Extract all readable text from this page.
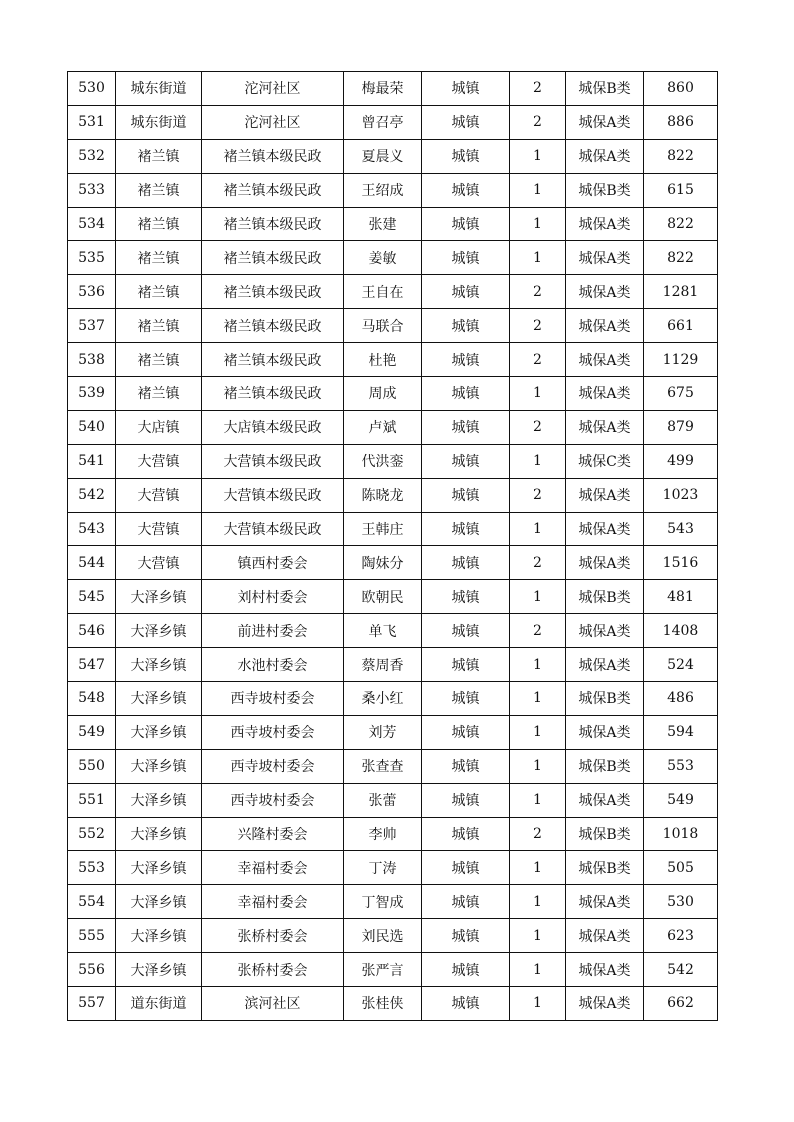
530	城东街道	沱河社区	梅最荣	城镇	2	城保B类	860
531	城东街道	沱河社区	曾召亭	城镇	2	城保A类	886
532	褚兰镇	褚兰镇本级民政	夏晨义	城镇	1	城保A类	822
533	褚兰镇	褚兰镇本级民政	王绍成	城镇	1	城保B类	615
534	褚兰镇	褚兰镇本级民政	张建	城镇	1	城保A类	822
535	褚兰镇	褚兰镇本级民政	姜敏	城镇	1	城保A类	822
536	褚兰镇	褚兰镇本级民政	王自在	城镇	2	城保A类	1281
537	褚兰镇	褚兰镇本级民政	马联合	城镇	2	城保A类	661
538	褚兰镇	褚兰镇本级民政	杜艳	城镇	2	城保A类	1129
539	褚兰镇	褚兰镇本级民政	周成	城镇	1	城保A类	675
540	大店镇	大店镇本级民政	卢斌	城镇	2	城保A类	879
541	大营镇	大营镇本级民政	代洪銮	城镇	1	城保C类	499
542	大营镇	大营镇本级民政	陈晓龙	城镇	2	城保A类	1023
543	大营镇	大营镇本级民政	王韩庄	城镇	1	城保A类	543
544	大营镇	镇西村委会	陶妹分	城镇	2	城保A类	1516
545	大泽乡镇	刘村村委会	欧朝民	城镇	1	城保B类	481
546	大泽乡镇	前进村委会	单飞	城镇	2	城保A类	1408
547	大泽乡镇	水池村委会	蔡周香	城镇	1	城保A类	524
548	大泽乡镇	西寺坡村委会	桑小红	城镇	1	城保B类	486
549	大泽乡镇	西寺坡村委会	刘芳	城镇	1	城保A类	594
550	大泽乡镇	西寺坡村委会	张查查	城镇	1	城保B类	553
551	大泽乡镇	西寺坡村委会	张蕾	城镇	1	城保A类	549
552	大泽乡镇	兴隆村委会	李帅	城镇	2	城保B类	1018
553	大泽乡镇	幸福村委会	丁涛	城镇	1	城保B类	505
554	大泽乡镇	幸福村委会	丁智成	城镇	1	城保A类	530
555	大泽乡镇	张桥村委会	刘民选	城镇	1	城保A类	623
556	大泽乡镇	张桥村委会	张严言	城镇	1	城保A类	542
557	道东街道	滨河社区	张桂侠	城镇	1	城保A类	662
